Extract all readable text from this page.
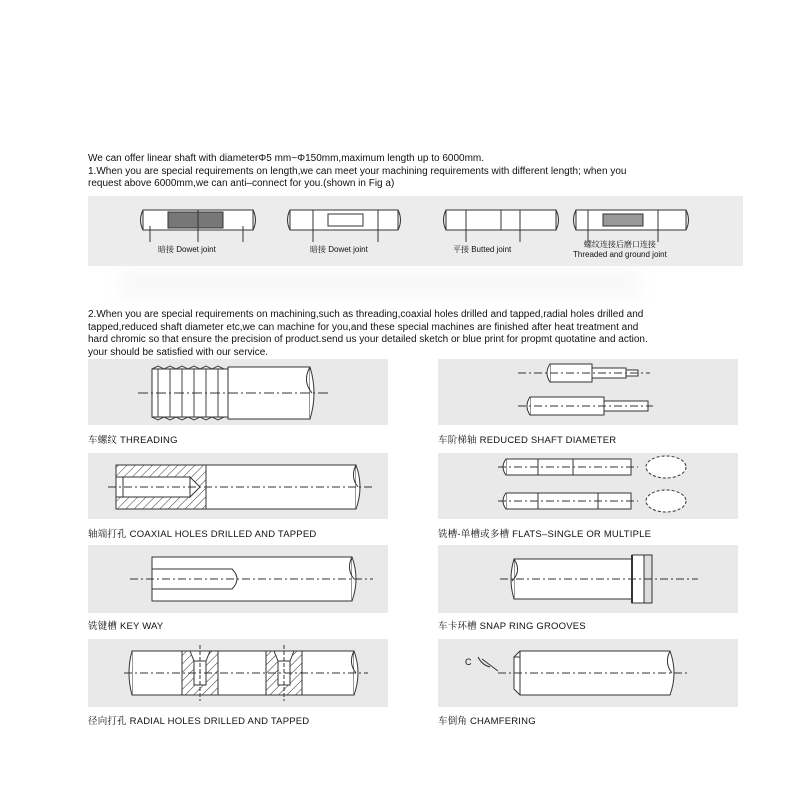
We can offer linear shaft with diameterΦ5 mm~Φ150mm,maximum length up to 6000mm.

1.When you are special requirements on length,we can meet your machining requirements with different length; when you

request above 6000mm,we can anti–connect for you.(shown in Fig a)

暗接 Dowet joint	暗接 Dowet joint	平接 Butted joint
螺纹连接后磨口连接
Threaded and ground joint

2.When you are special requirements on machining,such as threading,coaxial holes drilled and tapped,radial holes drilled and

tapped,reduced shaft diameter etc,we can machine for you,and these special machines are finished after heat treatment and

hard chromic so that ensure the precision of product.send us your detailed sketch or blue print for propmt quotatine and action.

your should be satisfied with our service.

车螺纹 THREADING	车阶梯轴 REDUCED SHAFT DIAMETER
轴端打孔 COAXIAL HOLES DRILLED AND TAPPED	铣槽-单槽或多槽 FLATS–SINGLE OR MULTIPLE
铣键槽 KEY WAY	车卡环槽 SNAP RING GROOVES
径向打孔 RADIAL HOLES DRILLED AND TAPPED
C
车倒角 CHAMFERING
